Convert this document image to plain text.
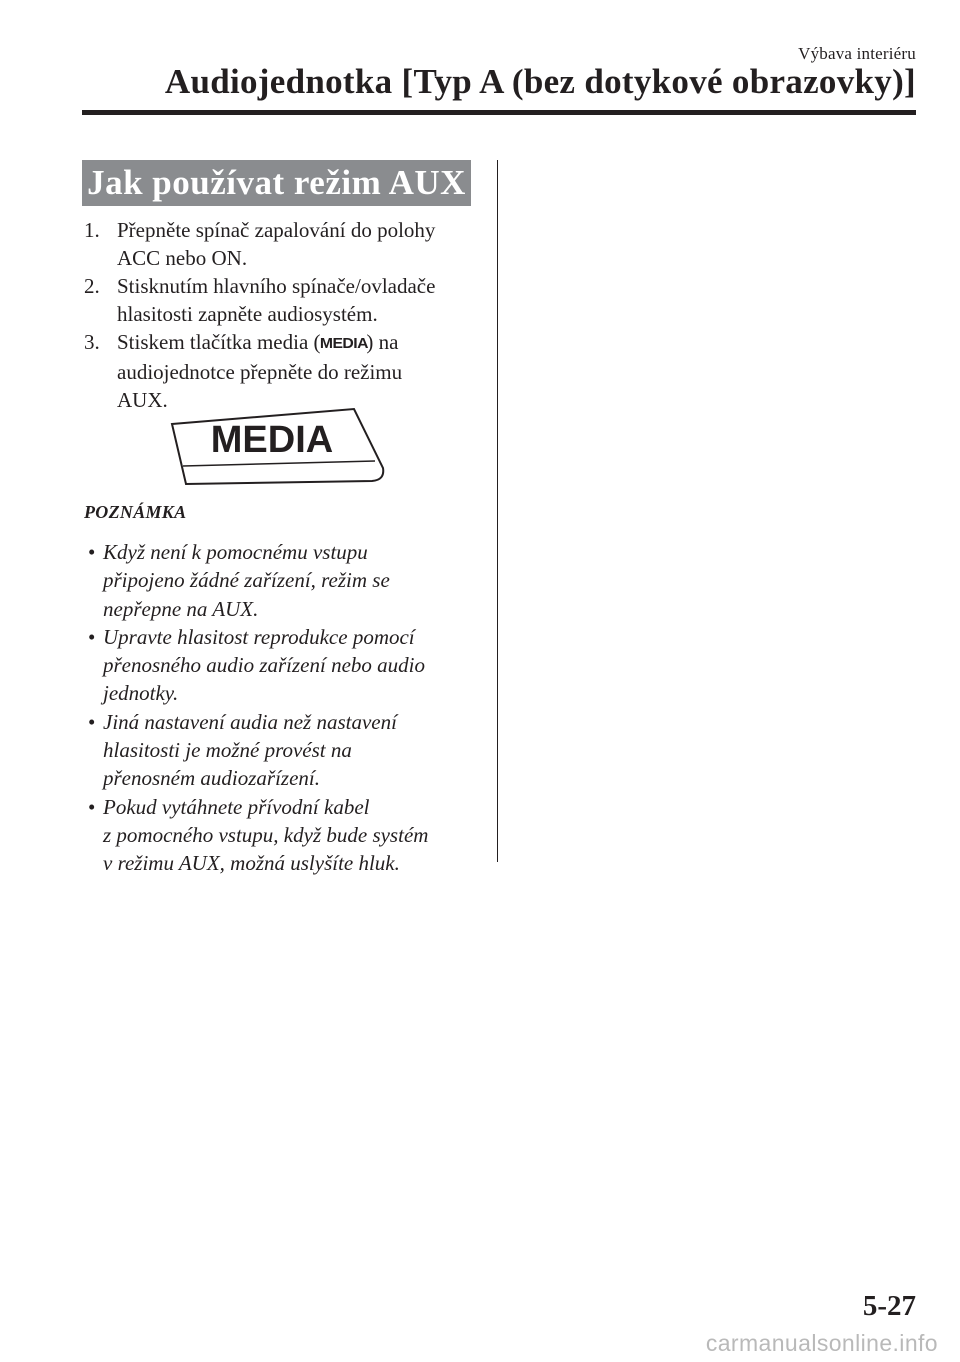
Výbava interiéru
Audiojednotka [Typ A (bez dotykové obrazovky)]
Jak používat režim AUX
1. Přepněte spínač zapalování do polohy
ACC nebo ON.
2. Stisknutím hlavního spínače/ovladače
hlasitosti zapněte audiosystém.
3. Stiskem tlačítka media (MEDIA) na
audiojednotce přepněte do režimu
AUX.
MEDIA
POZNÁMKA
• Když není k pomocnému vstupu
připojeno žádné zařízení, režim se
nepřepne na AUX.
• Upravte hlasitost reprodukce pomocí
přenosného audio zařízení nebo audio
jednotky.
• Jiná nastavení audia než nastavení
hlasitosti je možné provést na
přenosném audiozařízení.
• Pokud vytáhnete přívodní kabel
z pomocného vstupu, když bude systém
v režimu AUX, možná uslyšíte hluk.
5-27
carmanualsonline.info
